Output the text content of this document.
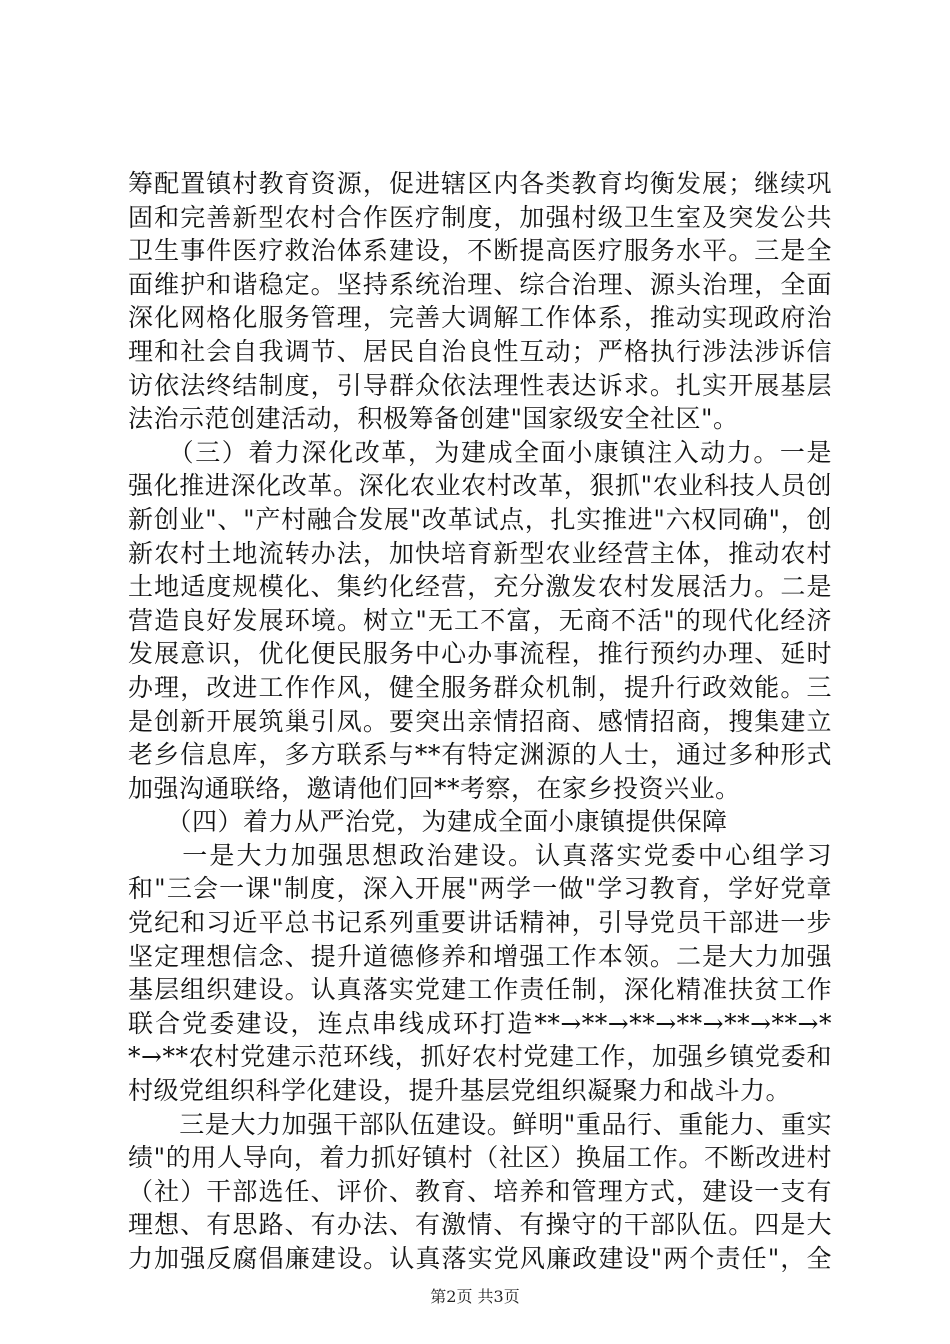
筹配置镇村教育资源，促进辖区内各类教育均衡发展；继续巩
固和完善新型农村合作医疗制度，加强村级卫生室及突发公共
卫生事件医疗救治体系建设，不断提高医疗服务水平。三是全
面维护和谐稳定。坚持系统治理、综合治理、源头治理，全面
深化网格化服务管理，完善大调解工作体系，推动实现政府治
理和社会自我调节、居民自治良性互动；严格执行涉法涉诉信
访依法终结制度，引导群众依法理性表达诉求。扎实开展基层
法治示范创建活动，积极筹备创建"国家级安全社区"。
　　（三）着力深化改革，为建成全面小康镇注入动力。一是
强化推进深化改革。深化农业农村改革，狠抓"农业科技人员创
新创业"、"产村融合发展"改革试点，扎实推进"六权同确"，创
新农村土地流转办法，加快培育新型农业经营主体，推动农村
土地适度规模化、集约化经营，充分激发农村发展活力。二是
营造良好发展环境。树立"无工不富，无商不活"的现代化经济
发展意识，优化便民服务中心办事流程，推行预约办理、延时
办理，改进工作作风，健全服务群众机制，提升行政效能。三
是创新开展筑巢引凤。要突出亲情招商、感情招商，搜集建立
老乡信息库，多方联系与**有特定渊源的人士，通过多种形式
加强沟通联络，邀请他们回**考察，在家乡投资兴业。
　　（四）着力从严治党，为建成全面小康镇提供保障
　　一是大力加强思想政治建设。认真落实党委中心组学习
和"三会一课"制度，深入开展"两学一做"学习教育，学好党章
党纪和习近平总书记系列重要讲话精神，引导党员干部进一步
坚定理想信念、提升道德修养和增强工作本领。二是大力加强
基层组织建设。认真落实党建工作责任制，深化精准扶贫工作
联合党委建设，连点串线成环打造**→**→**→**→**→**→*
*→**农村党建示范环线，抓好农村党建工作，加强乡镇党委和
村级党组织科学化建设，提升基层党组织凝聚力和战斗力。
　　三是大力加强干部队伍建设。鲜明"重品行、重能力、重实
绩"的用人导向，着力抓好镇村（社区）换届工作。不断改进村
（社）干部选任、评价、教育、培养和管理方式，建设一支有
理想、有思路、有办法、有激情、有操守的干部队伍。四是大
力加强反腐倡廉建设。认真落实党风廉政建设"两个责任"，全
第2页 共3页
